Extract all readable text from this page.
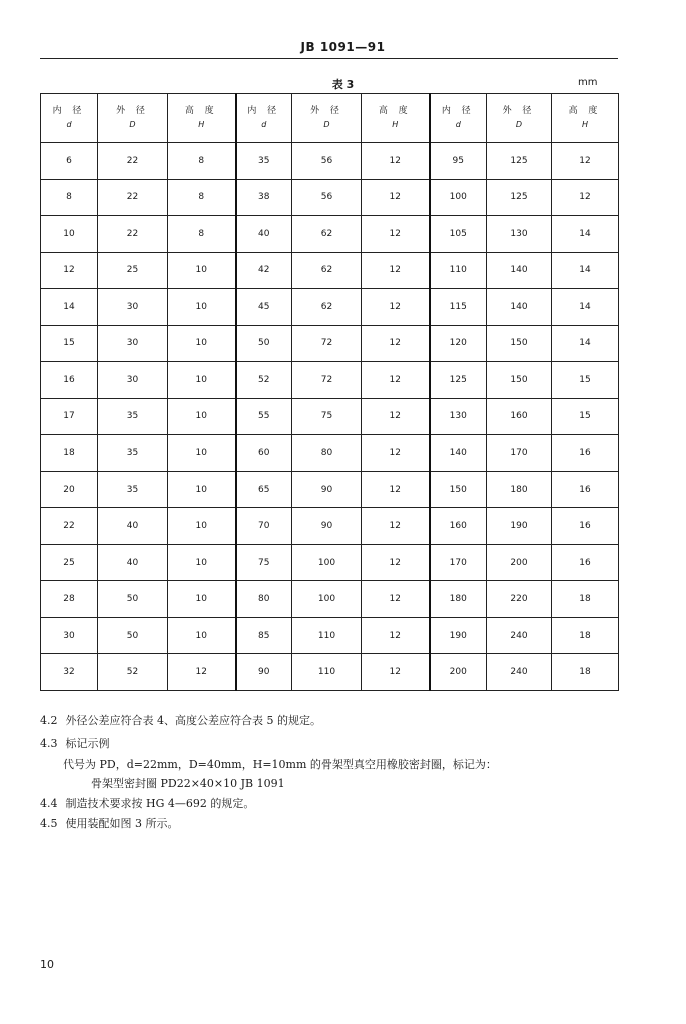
JB 1091—91
表 3	mm
内 径
d	外 径
D	高 度
H	内 径
d	外 径
D	高 度
H	内 径
d	外 径
D	高 度
H

6	22	8	35	56	12	95	125	12
8	22	8	38	56	12	100	125	12
10	22	8	40	62	12	105	130	14
12	25	10	42	62	12	110	140	14
14	30	10	45	62	12	115	140	14
15	30	10	50	72	12	120	150	14
16	30	10	52	72	12	125	150	15
17	35	10	55	75	12	130	160	15
18	35	10	60	80	12	140	170	16
20	35	10	65	90	12	150	180	16
22	40	10	70	90	12	160	190	16
25	40	10	75	100	12	170	200	16
28	50	10	80	100	12	180	220	18
30	50	10	85	110	12	190	240	18
32	52	12	90	110	12	200	240	18
4.2 外径公差应符合表 4、高度公差应符合表 5 的规定。
4.3 标记示例
代号为 PD，d=22mm，D=40mm，H=10mm 的骨架型真空用橡胶密封圈，标记为：
骨架型密封圈 PD22×40×10 JB 1091
4.4 制造技术要求按 HG 4—692 的规定。
4.5 使用装配如图 3 所示。
10
